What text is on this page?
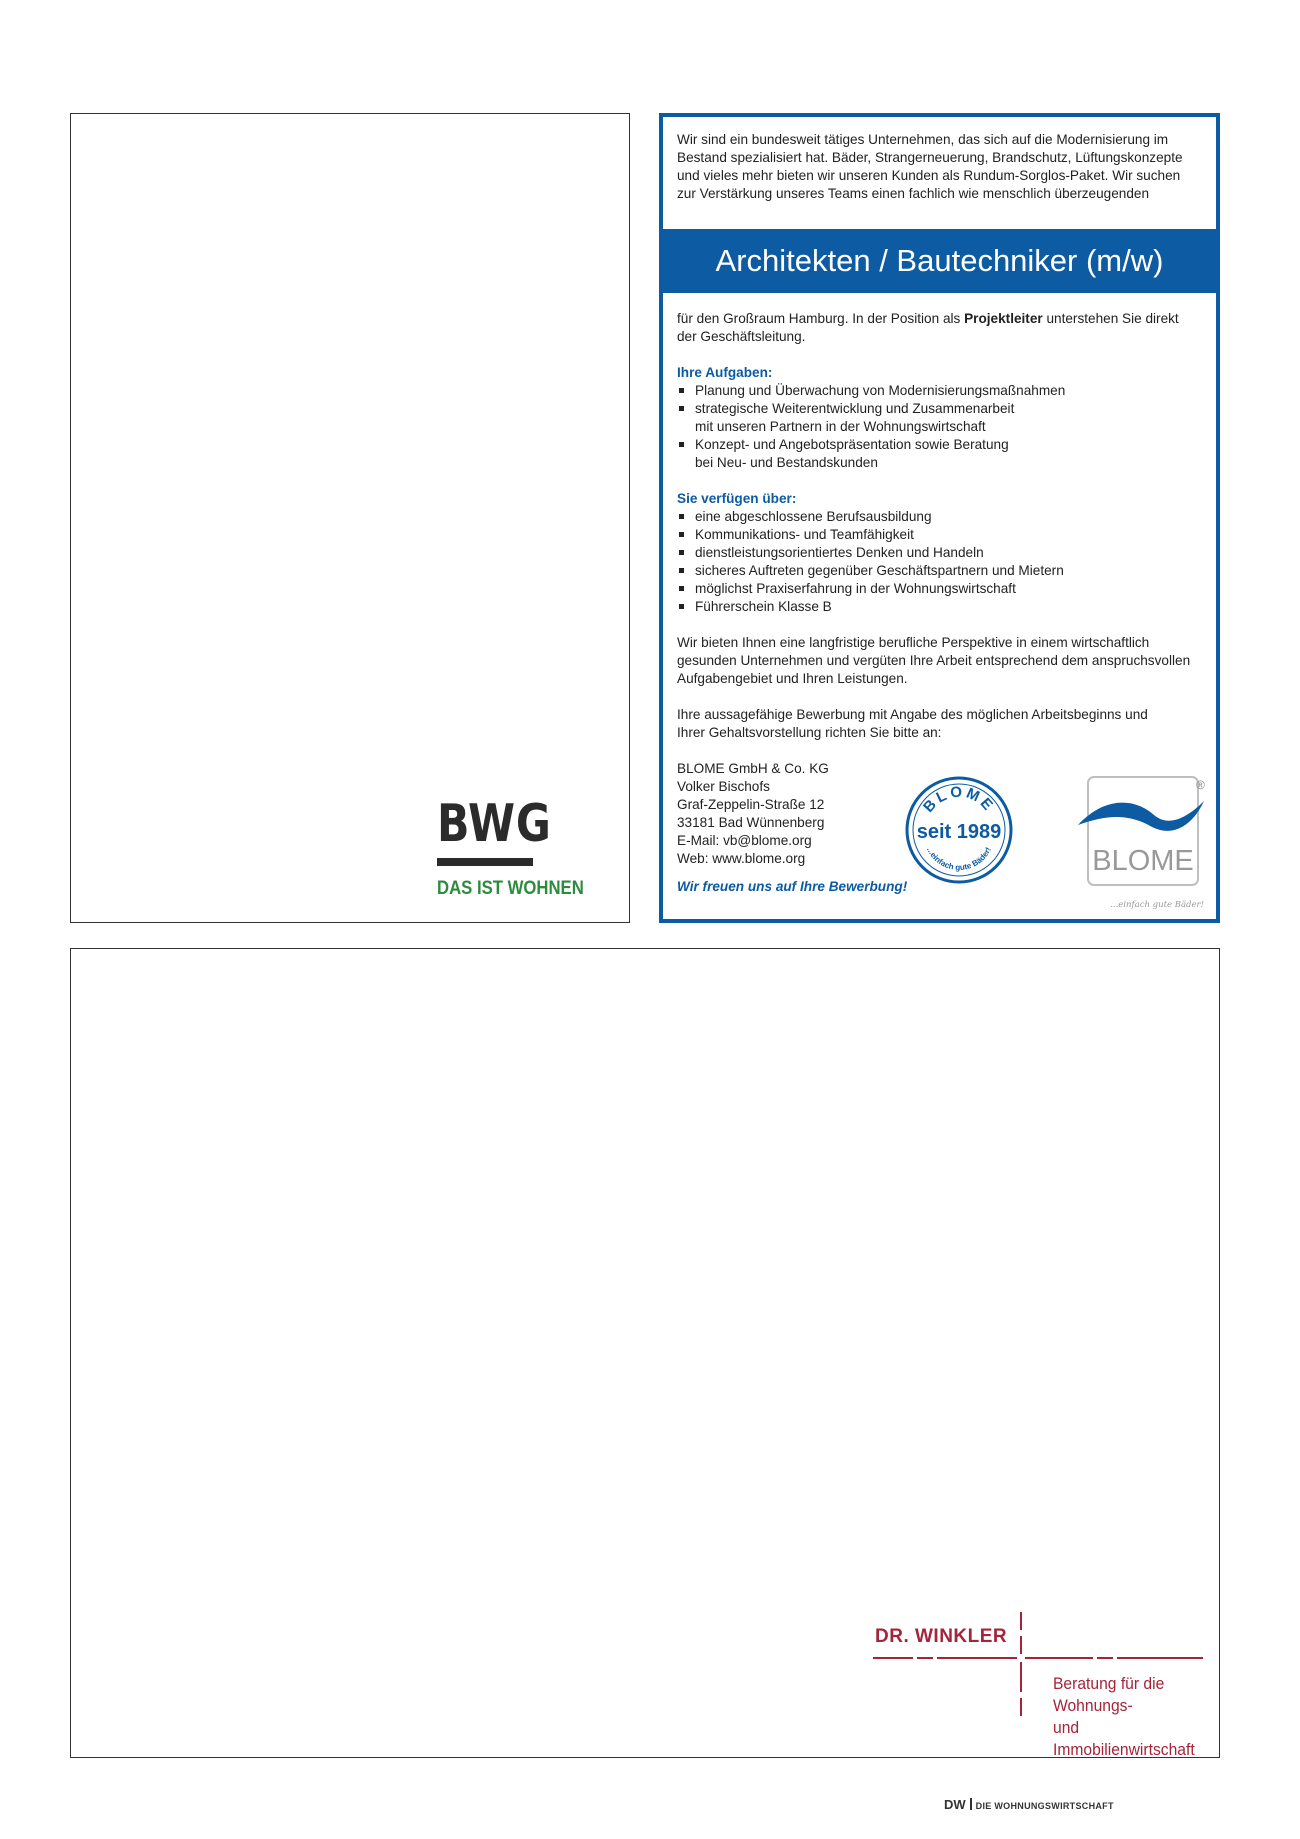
BWG
DAS IST WOHNEN
Wir sind ein bundesweit tätiges Unternehmen, das sich auf die Modernisierung im Bestand spezialisiert hat. Bäder, Strangerneuerung, Brandschutz, Lüftungskonzepte und vieles mehr bieten wir unseren Kunden als Rundum-Sorglos-Paket. Wir suchen zur Verstärkung unseres Teams einen fachlich wie menschlich überzeugenden
Architekten / Bautechniker (m/w)

für den Großraum Hamburg. In der Position als Projektleiter unterstehen Sie direkt der Geschäftsleitung.

Ihre Aufgaben:

Planung und Überwachung von Modernisierungsmaßnahmen
strategische Weiterentwicklung und Zusammenarbeit mit unseren Partnern in der Wohnungswirtschaft
Konzept- und Angebotspräsentation sowie Beratung bei Neu- und Bestandskunden

Sie verfügen über:

eine abgeschlossene Berufsausbildung
Kommunikations- und Teamfähigkeit
dienstleistungsorientiertes Denken und Handeln
sicheres Auftreten gegenüber Geschäftspartnern und Mietern
möglichst Praxiserfahrung in der Wohnungswirtschaft
Führerschein Klasse B

Wir bieten Ihnen eine langfristige berufliche Perspektive in einem wirtschaftlich gesunden Unternehmen und vergüten Ihre Arbeit entsprechend dem anspruchsvollen Aufgabengebiet und Ihren Leistungen.

Ihre aussagefähige Bewerbung mit Angabe des möglichen Arbeitsbeginns und Ihrer Gehaltsvorstellung richten Sie bitte an:

BLOME GmbH & Co. KG
Volker Bischofs
Graf-Zeppelin-Straße 12
33181 Bad Wünnenberg
E-Mail: vb@blome.org
Web: www.blome.org
Wir freuen uns auf Ihre Bewerbung!
BLOME
seit 1989
...einfach gute Bäder!
®
BLOME
...einfach gute Bäder!
DR. WINKLER
Beratung für die Wohnungs-
und Immobilienwirtschaft
DW DIE WOHNUNGSWIRTSCHAFT
